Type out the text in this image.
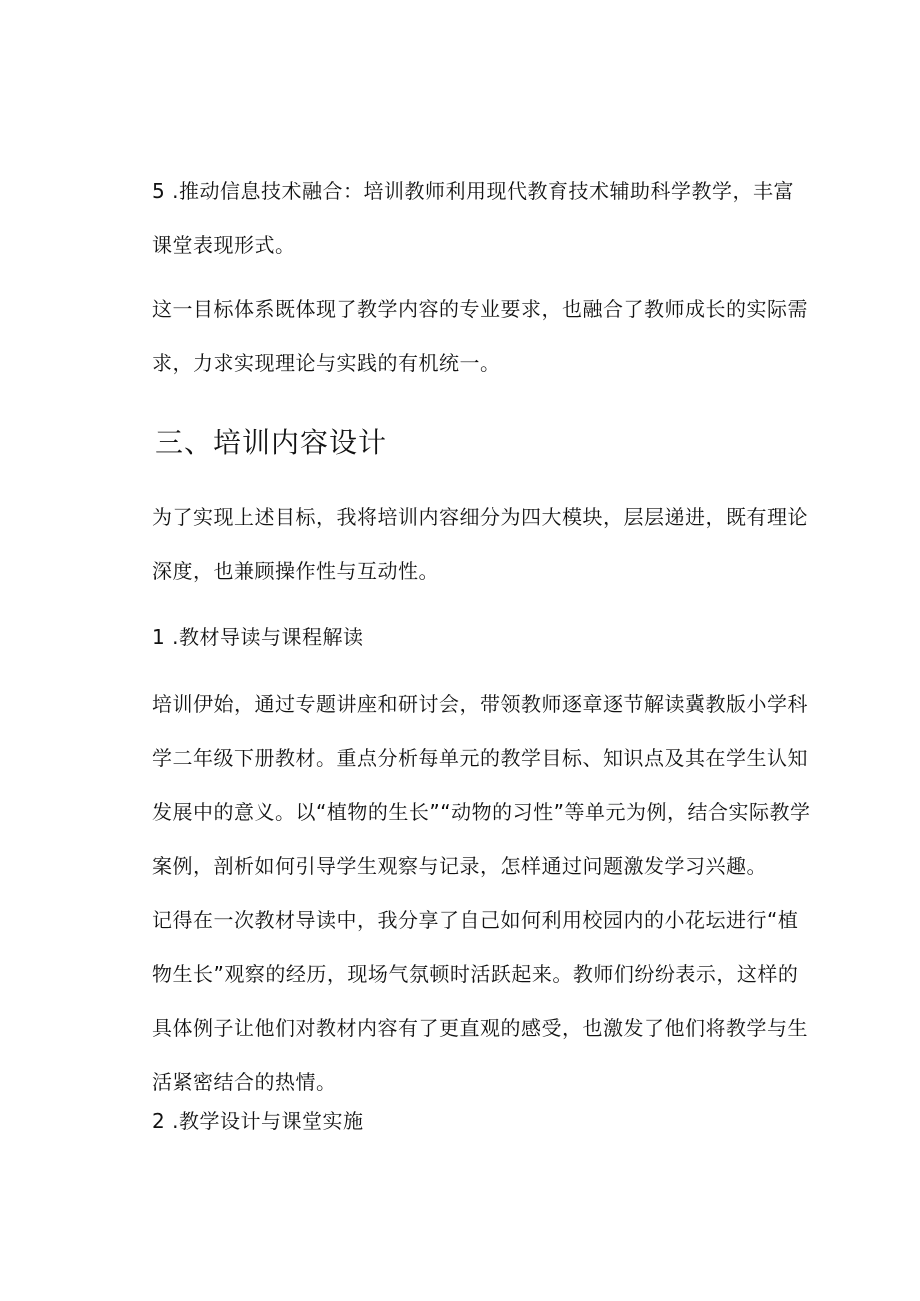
5 .推动信息技术融合：培训教师利用现代教育技术辅助科学教学，丰富课堂表现形式。

这一目标体系既体现了教学内容的专业要求，也融合了教师成长的实际需求，力求实现理论与实践的有机统一。

三、培训内容设计

为了实现上述目标，我将培训内容细分为四大模块，层层递进，既有理论深度，也兼顾操作性与互动性。

1 .教材导读与课程解读

培训伊始，通过专题讲座和研讨会，带领教师逐章逐节解读冀教版小学科学二年级下册教材。重点分析每单元的教学目标、知识点及其在学生认知发展中的意义。以“植物的生长”“动物的习性”等单元为例，结合实际教学案例，剖析如何引导学生观察与记录，怎样通过问题激发学习兴趣。

记得在一次教材导读中，我分享了自己如何利用校园内的小花坛进行“植物生长”观察的经历，现场气氛顿时活跃起来。教师们纷纷表示，这样的具体例子让他们对教材内容有了更直观的感受，也激发了他们将教学与生活紧密结合的热情。

2 .教学设计与课堂实施
